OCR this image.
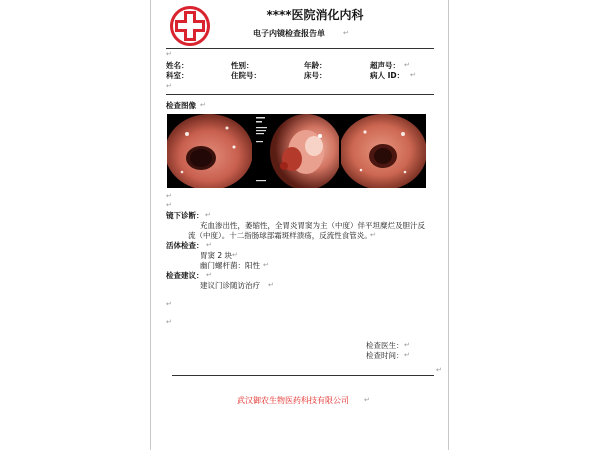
****医院消化内科
电子内镜检查报告单	↵
↵
姓名：	性别：	年龄：	超声号： ↵
科室：	住院号：	床号：	病人 ID： ↵
↵
检查图像 ↵
↵
↵
镜下诊断： ↵
充血渗出性，萎缩性，全胃炎胃窦为主（中度）伴平坦糜烂及胆汁反
流（中度）。十二指肠球部霜斑样溃疡，反流性食管炎。
↵
活体检查： ↵
胃窦 2 块 ↵
幽门螺杆菌：阳性 ↵
检查建议： ↵
建议门诊随访治疗 ↵
↵
↵
检查医生： ↵
检查时间： ↵
↵
武汉御农生物医药科技有限公司 ↵
